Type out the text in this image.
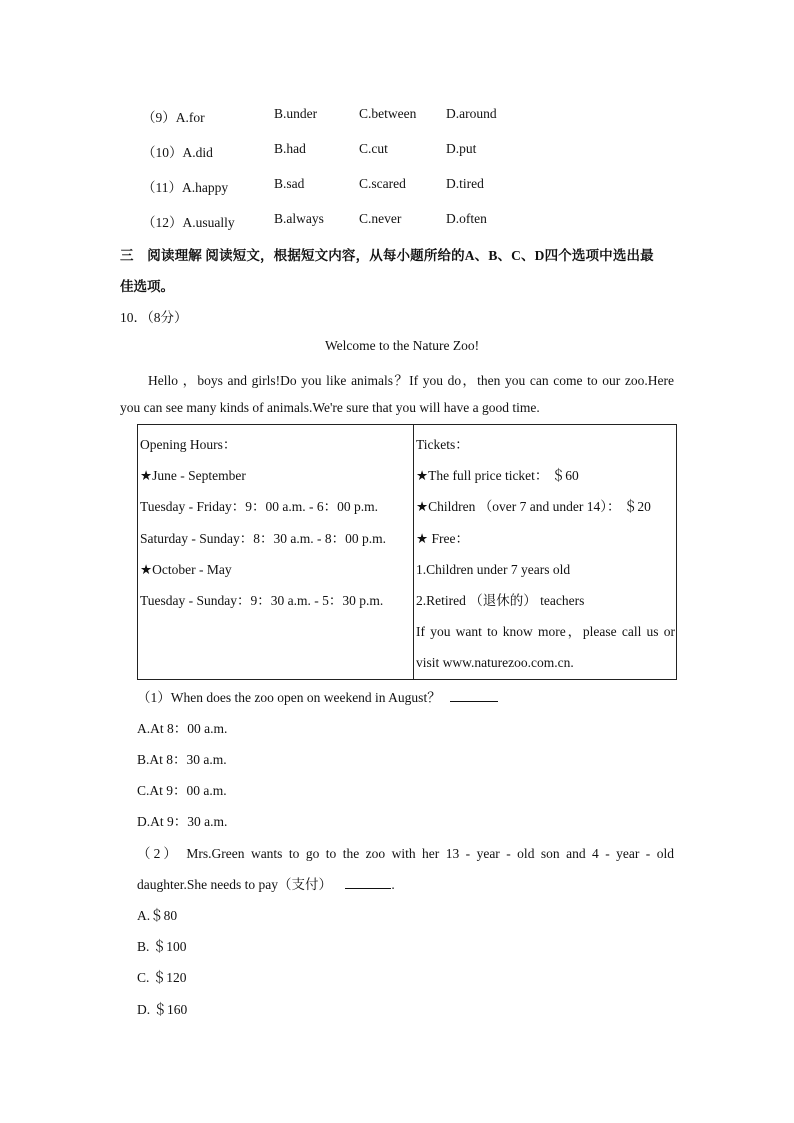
（9）A.for	B.under	C.between D.around
（10）A.did	B.had	C.cut	D.put
（11）A.happy	B.sad	C.scared	D.tired
（12）A.usually	B.always	C.never	D.often
三　阅读理解 阅读短文，根据短文内容，从每小题所给的A、B、C、D四个选项中选出最
佳选项。
10．（8分）
Welcome to the Nature Zoo!
Hello ，boys and girls!Do you like animals？If you do，then you can come to our zoo.Here
you can see many kinds of animals.We're sure that you will have a good time.
Opening Hours：
★June - September
Tuesday - Friday：9：00 a.m. - 6：00 p.m.
Saturday - Sunday：8：30 a.m. - 8：00 p.m.
★October - May
Tuesday - Sunday：9：30 a.m. - 5：30 p.m.

Tickets：
★The full price ticket： ＄60
★Children （over 7 and under 14）： ＄20
★ Free：
1.Children under 7 years old
2.Retired （退休的） teachers
If you want to know more，please call us or
visit www.naturezoo.com.cn.
（1）When does the zoo open on weekend in August？
A.At 8：00 a.m.
B.At 8：30 a.m.
C.At 9：00 a.m.
D.At 9：30 a.m.
（2） Mrs.Green wants to go to the zoo with her 13 - year - old son and 4 - year - old
daughter.She needs to pay（支付）	.
A.＄80
B. ＄100
C. ＄120
D. ＄160
